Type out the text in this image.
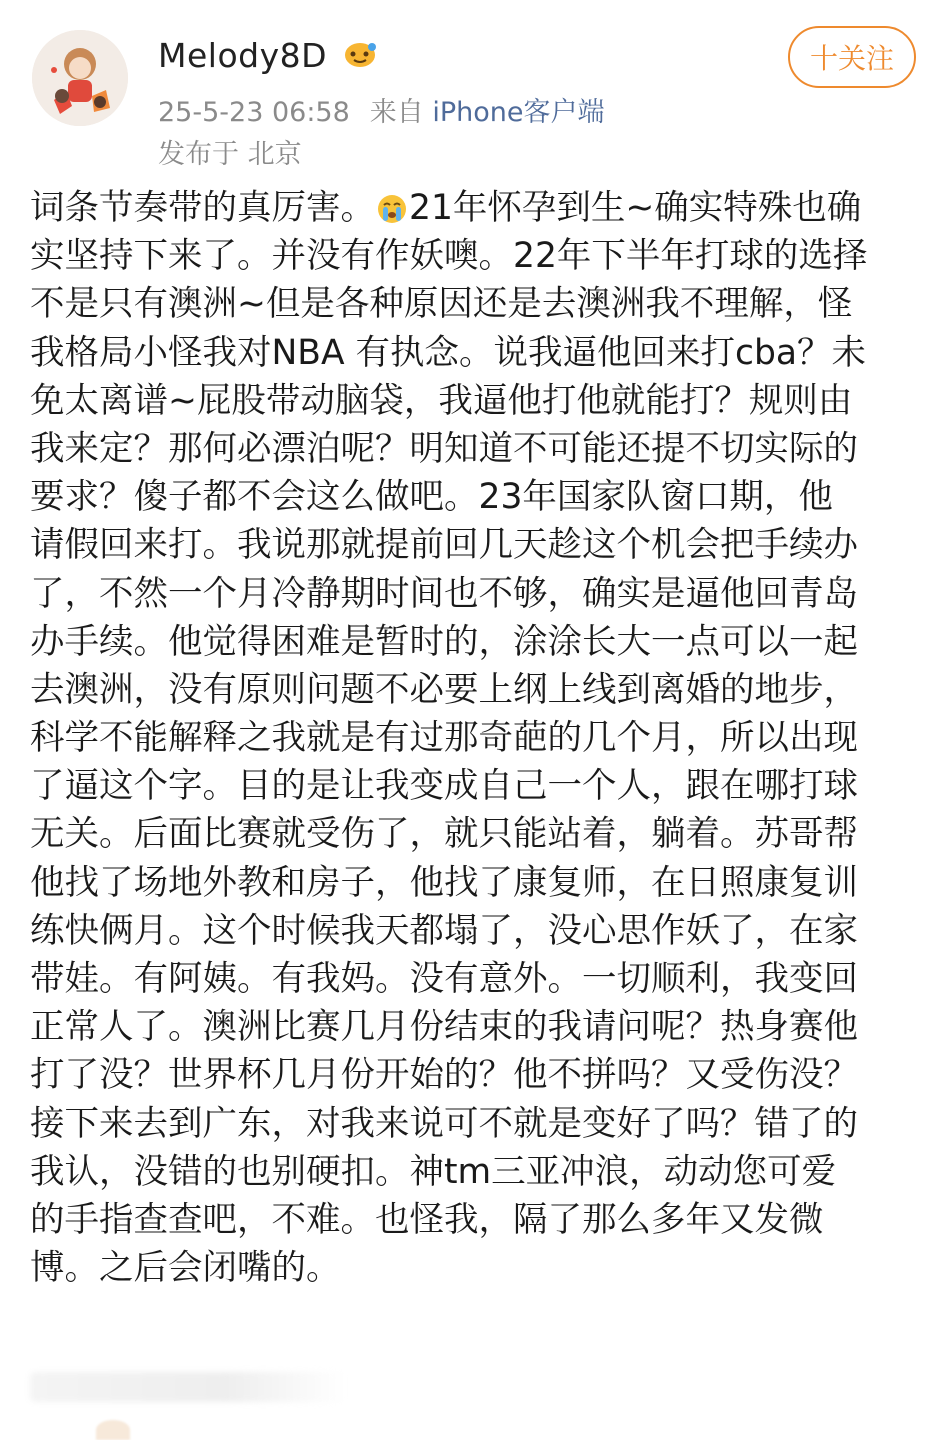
Melody8D
25-5-23 06:58 来自 iPhone客户端
发布于 北京
十关注
词条节奏带的真厉害。 21年怀孕到生~确实特殊也确
实坚持下来了。并没有作妖噢。22年下半年打球的选择
不是只有澳洲~但是各种原因还是去澳洲我不理解，怪
我格局小怪我对NBA 有执念。说我逼他回来打cba？未
免太离谱~屁股带动脑袋，我逼他打他就能打？规则由
我来定？那何必漂泊呢？明知道不可能还提不切实际的
要求？傻子都不会这么做吧。23年国家队窗口期，他
请假回来打。我说那就提前回几天趁这个机会把手续办
了，不然一个月冷静期时间也不够，确实是逼他回青岛
办手续。他觉得困难是暂时的，涂涂长大一点可以一起
去澳洲，没有原则问题不必要上纲上线到离婚的地步，
科学不能解释之我就是有过那奇葩的几个月，所以出现
了逼这个字。目的是让我变成自己一个人，跟在哪打球
无关。后面比赛就受伤了，就只能站着，躺着。苏哥帮
他找了场地外教和房子，他找了康复师，在日照康复训
练快俩月。这个时候我天都塌了，没心思作妖了，在家
带娃。有阿姨。有我妈。没有意外。一切顺利，我变回
正常人了。澳洲比赛几月份结束的我请问呢？热身赛他
打了没？世界杯几月份开始的？他不拼吗？又受伤没？
接下来去到广东，对我来说可不就是变好了吗？错了的
我认，没错的也别硬扣。神tm三亚冲浪，动动您可爱
的手指查查吧，不难。也怪我，隔了那么多年又发微
博。之后会闭嘴的。
